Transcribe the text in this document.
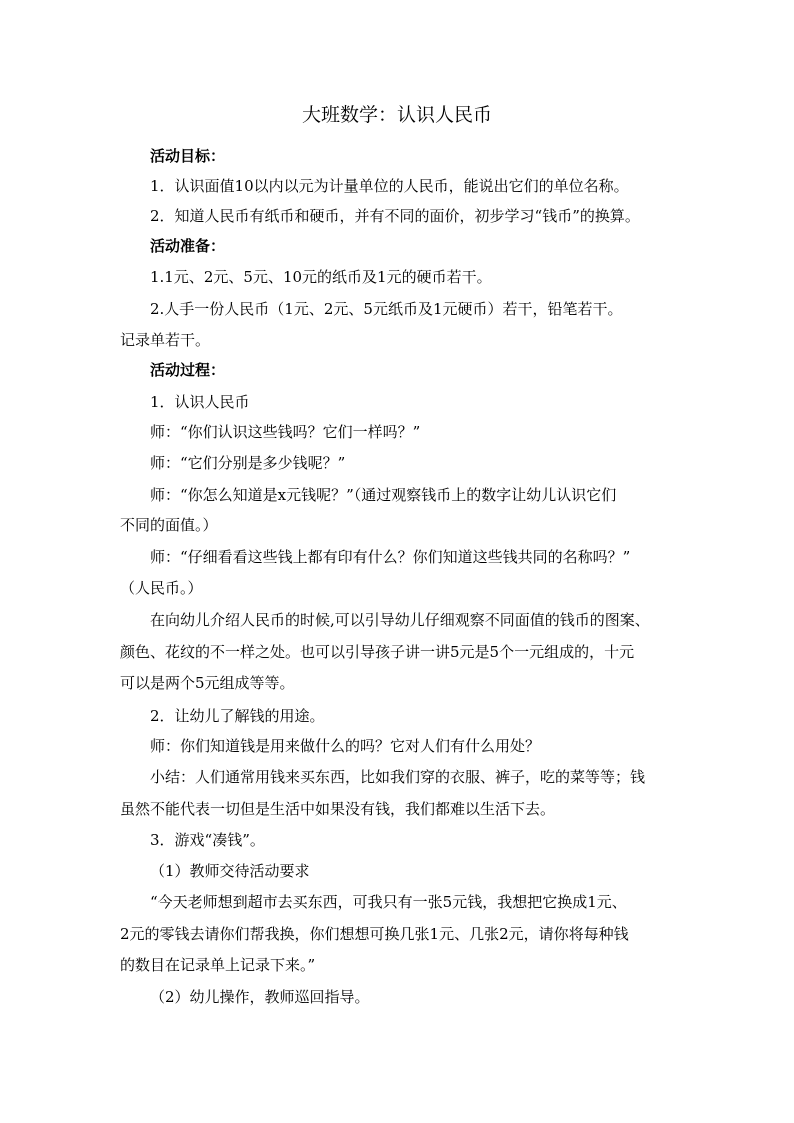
大班数学：认识人民币
活动目标：
1．认识面值10以内以元为计量单位的人民币，能说出它们的单位名称。
2．知道人民币有纸币和硬币，并有不同的面价，初步学习“钱币”的换算。
活动准备：
1.1元、2元、5元、10元的纸币及1元的硬币若干。
2.人手一份人民币（1元、2元、5元纸币及1元硬币）若干，铅笔若干。
记录单若干。
活动过程：
1．认识人民币
师：“你们认识这些钱吗？它们一样吗？”
师：“它们分别是多少钱呢？”
师：“你怎么知道是x元钱呢？”（通过观察钱币上的数字让幼儿认识它们
不同的面值。）
师：“仔细看看这些钱上都有印有什么？你们知道这些钱共同的名称吗？”
（人民币。）
在向幼儿介绍人民币的时候,可以引导幼儿仔细观察不同面值的钱币的图案、
颜色、花纹的不一样之处。也可以引导孩子讲一讲5元是5个一元组成的，十元
可以是两个5元组成等等。
2．让幼儿了解钱的用途。
师：你们知道钱是用来做什么的吗？它对人们有什么用处？
小结：人们通常用钱来买东西，比如我们穿的衣服、裤子，吃的菜等等；钱
虽然不能代表一切但是生活中如果没有钱，我们都难以生活下去。
3．游戏“凑钱”。
（1）教师交待活动要求
“今天老师想到超市去买东西，可我只有一张5元钱，我想把它换成1元、
2元的零钱去请你们帮我换，你们想想可换几张1元、几张2元，请你将每种钱
的数目在记录单上记录下来。”
（2）幼儿操作，教师巡回指导。
